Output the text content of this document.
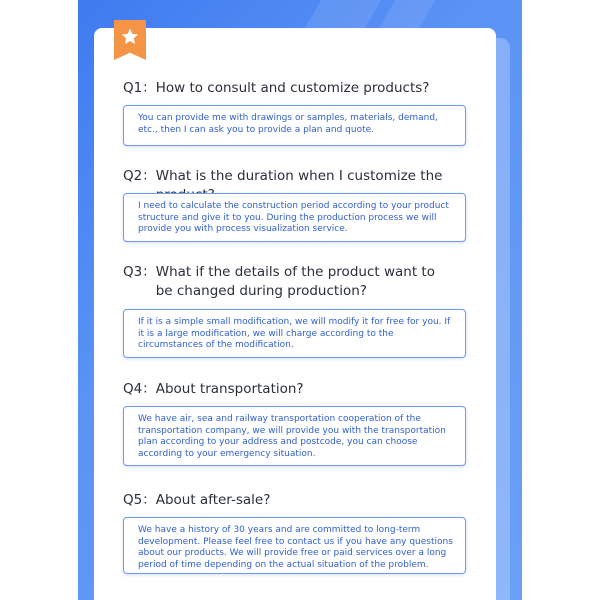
Q1： How to consult and customize products?
You can provide me with drawings or samples, materials, demand, etc., then I can ask you to provide a plan and quote.
Q2： What is the duration when I customize the
I need to calculate the construction period according to your product structure and give it to you. During the production process we will provide you with process visualization service.
Q3： What if the details of the product want to be changed during production?
If it is a simple small modification, we will modify it for free for you. If it is a large modification, we will charge according to the circumstances of the modification.
Q4： About transportation?
We have air, sea and railway transportation cooperation of the transportation company, we will provide you with the transportation plan according to your address and postcode, you can choose according to your emergency situation.
Q5： About after-sale?
We have a history of 30 years and are committed to long-term development. Please feel free to contact us if you have any questions about our products. We will provide free or paid services over a long period of time depending on the actual situation of the problem.
